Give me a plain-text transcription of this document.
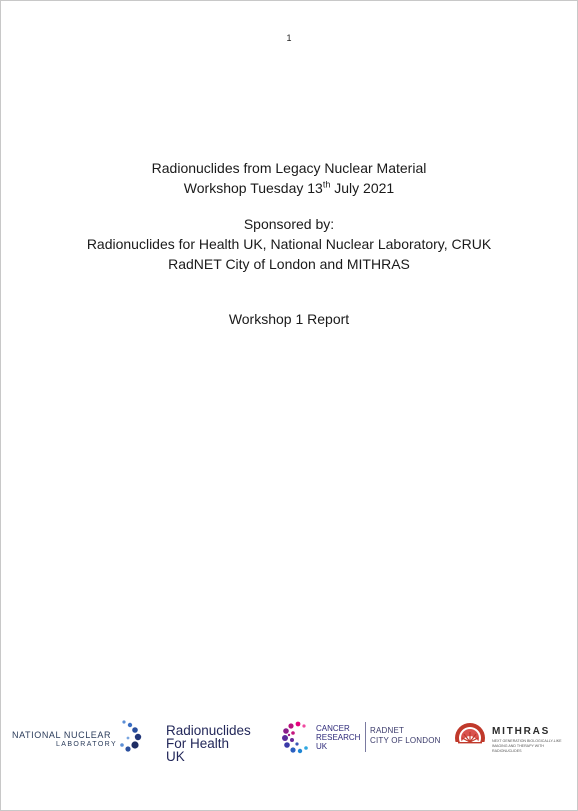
1
Radionuclides from Legacy Nuclear Material
Workshop Tuesday 13th July 2021
Sponsored by:
Radionuclides for Health UK, National Nuclear Laboratory, CRUK
RadNET City of London and MITHRAS
Workshop 1 Report
NATIONAL NUCLEAR
LABORATORY
Radionuclides
For Health
UK
CANCER
RESEARCH
UK
RADNET
CITY OF LONDON
MITHRAS
NEXT GENERATION BIOLOGICALLY-LIKE IMAGING AND THERAPY WITH RADIONUCLIDES
